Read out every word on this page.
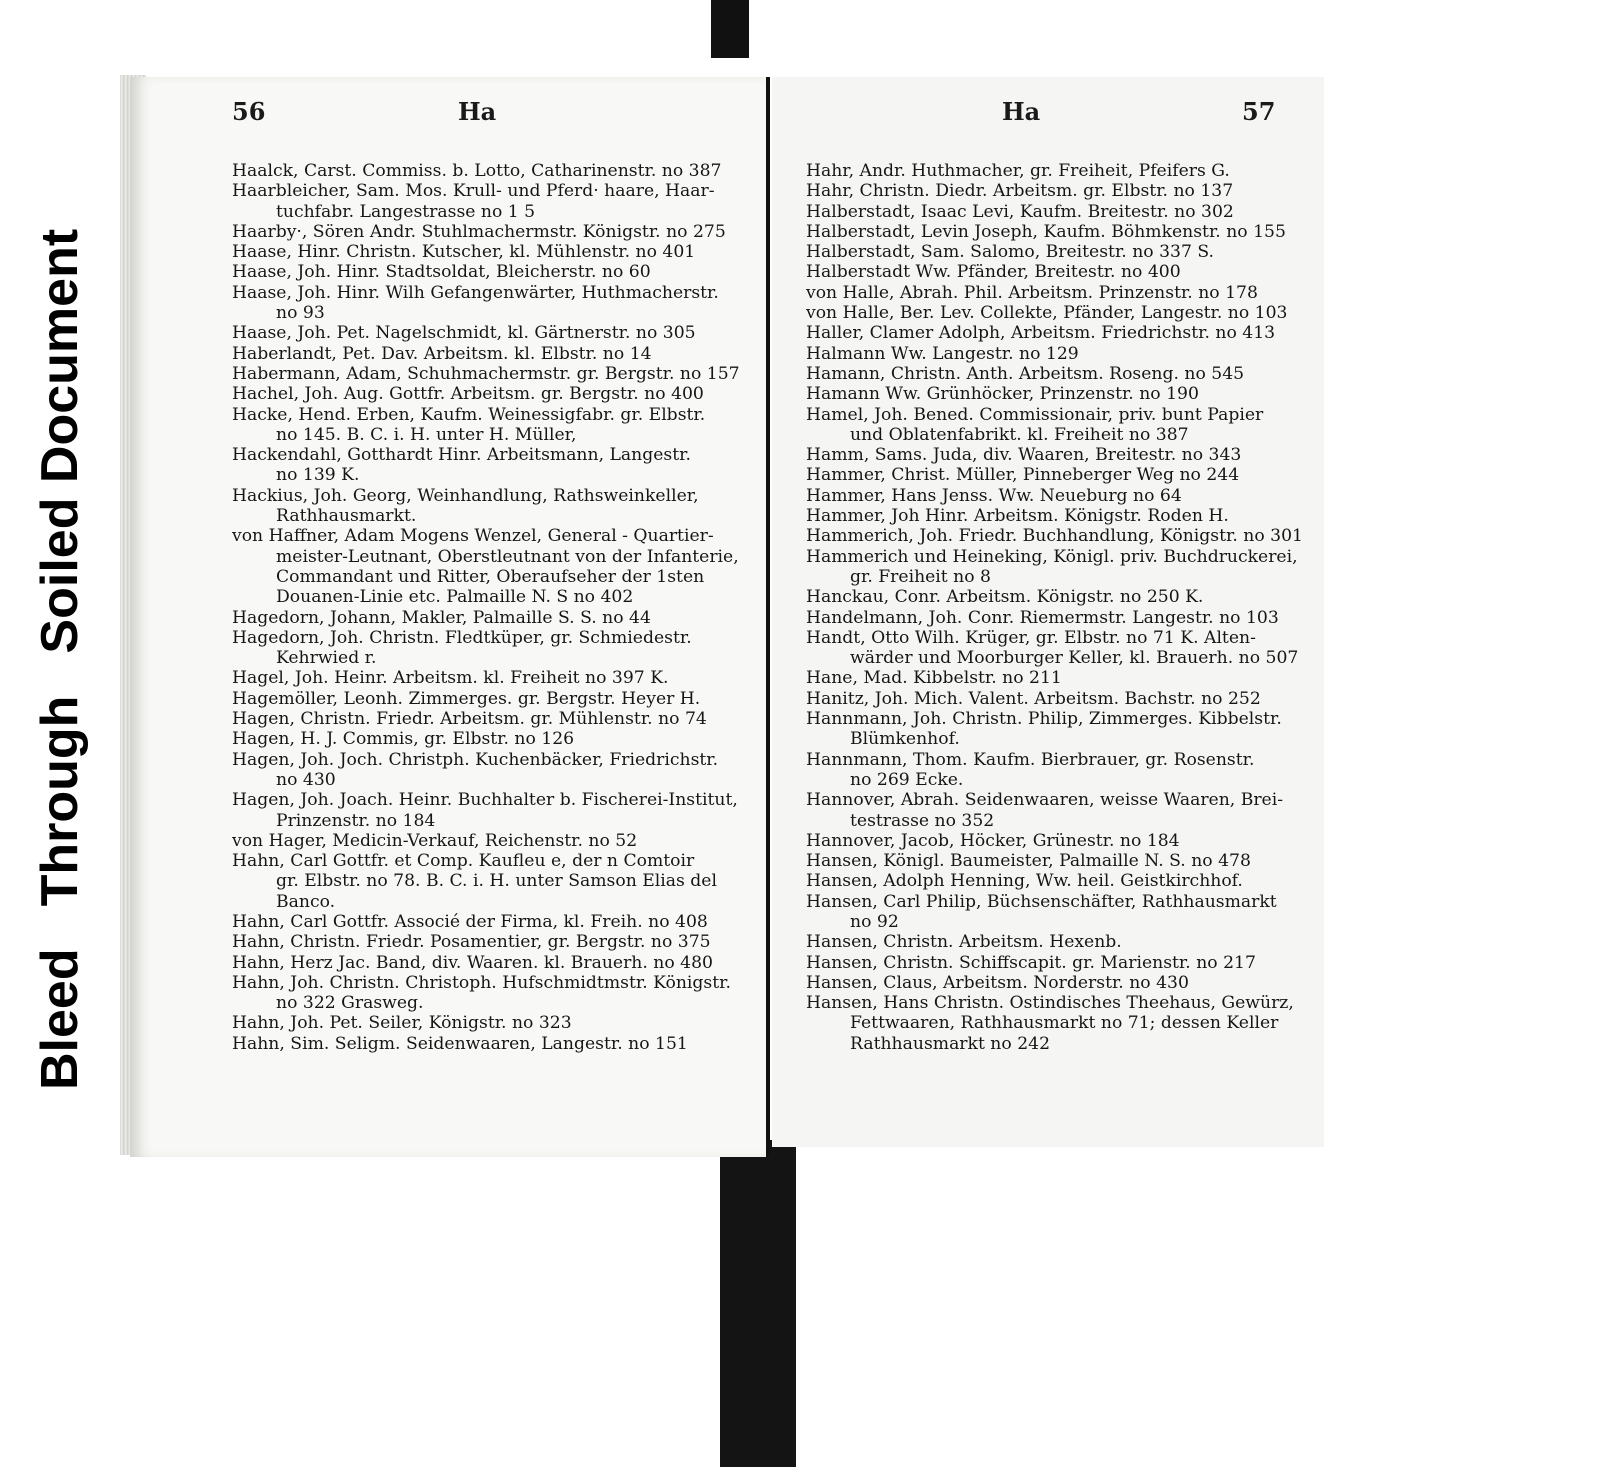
Bleed
Through
Soiled Document
56	Ha
Haalck, Carst. Commiss. b. Lotto, Catharinenstr. no 387
Haarbleicher, Sam. Mos. Krull- und Pferd· haare, Haar-
tuchfabr. Langestrasse no 1 5
Haarby·, Sören Andr. Stuhlmachermstr. Königstr. no 275
Haase, Hinr. Christn. Kutscher, kl. Mühlenstr. no 401
Haase, Joh. Hinr. Stadtsoldat, Bleicherstr. no 60
Haase, Joh. Hinr. Wilh Gefangenwärter, Huthmacherstr.
no 93
Haase, Joh. Pet. Nagelschmidt, kl. Gärtnerstr. no 305
Haberlandt, Pet. Dav. Arbeitsm. kl. Elbstr. no 14
Habermann, Adam, Schuhmachermstr. gr. Bergstr. no 157
Hachel, Joh. Aug. Gottfr. Arbeitsm. gr. Bergstr. no 400
Hacke, Hend. Erben, Kaufm. Weinessigfabr. gr. Elbstr.
no 145. B. C. i. H. unter H. Müller,
Hackendahl, Gotthardt Hinr. Arbeitsmann, Langestr.
no 139 K.
Hackius, Joh. Georg, Weinhandlung, Rathsweinkeller,
Rathhausmarkt.
von Haffner, Adam Mogens Wenzel, General - Quartier-
meister-Leutnant, Oberstleutnant von der Infanterie,
Commandant und Ritter, Oberaufseher der 1sten
Douanen-Linie etc. Palmaille N. S no 402
Hagedorn, Johann, Makler, Palmaille S. S. no 44
Hagedorn, Joh. Christn. Fledtküper, gr. Schmiedestr.
Kehrwied r.
Hagel, Joh. Heinr. Arbeitsm. kl. Freiheit no 397 K.
Hagemöller, Leonh. Zimmerges. gr. Bergstr. Heyer H.
Hagen, Christn. Friedr. Arbeitsm. gr. Mühlenstr. no 74
Hagen, H. J. Commis, gr. Elbstr. no 126
Hagen, Joh. Joch. Christph. Kuchenbäcker, Friedrichstr.
no 430
Hagen, Joh. Joach. Heinr. Buchhalter b. Fischerei-Institut,
Prinzenstr. no 184
von Hager, Medicin-Verkauf, Reichenstr. no 52
Hahn, Carl Gottfr. et Comp. Kaufleu e, der n Comtoir
gr. Elbstr. no 78. B. C. i. H. unter Samson Elias del
Banco.
Hahn, Carl Gottfr. Associé der Firma, kl. Freih. no 408
Hahn, Christn. Friedr. Posamentier, gr. Bergstr. no 375
Hahn, Herz Jac. Band, div. Waaren. kl. Brauerh. no 480
Hahn, Joh. Christn. Christoph. Hufschmidtmstr. Königstr.
no 322 Grasweg.
Hahn, Joh. Pet. Seiler, Königstr. no 323
Hahn, Sim. Seligm. Seidenwaaren, Langestr. no 151
Ha	57
Hahr, Andr. Huthmacher, gr. Freiheit, Pfeifers G.
Hahr, Christn. Diedr. Arbeitsm. gr. Elbstr. no 137
Halberstadt, Isaac Levi, Kaufm. Breitestr. no 302
Halberstadt, Levin Joseph, Kaufm. Böhmkenstr. no 155
Halberstadt, Sam. Salomo, Breitestr. no 337 S.
Halberstadt Ww. Pfänder, Breitestr. no 400
von Halle, Abrah. Phil. Arbeitsm. Prinzenstr. no 178
von Halle, Ber. Lev. Collekte, Pfänder, Langestr. no 103
Haller, Clamer Adolph, Arbeitsm. Friedrichstr. no 413
Halmann Ww. Langestr. no 129
Hamann, Christn. Anth. Arbeitsm. Roseng. no 545
Hamann Ww. Grünhöcker, Prinzenstr. no 190
Hamel, Joh. Bened. Commissionair, priv. bunt Papier
und Oblatenfabrikt. kl. Freiheit no 387
Hamm, Sams. Juda, div. Waaren, Breitestr. no 343
Hammer, Christ. Müller, Pinneberger Weg no 244
Hammer, Hans Jenss. Ww. Neueburg no 64
Hammer, Joh Hinr. Arbeitsm. Königstr. Roden H.
Hammerich, Joh. Friedr. Buchhandlung, Königstr. no 301
Hammerich und Heineking, Königl. priv. Buchdruckerei,
gr. Freiheit no 8
Hanckau, Conr. Arbeitsm. Königstr. no 250 K.
Handelmann, Joh. Conr. Riemermstr. Langestr. no 103
Handt, Otto Wilh. Krüger, gr. Elbstr. no 71 K. Alten-
wärder und Moorburger Keller, kl. Brauerh. no 507
Hane, Mad. Kibbelstr. no 211
Hanitz, Joh. Mich. Valent. Arbeitsm. Bachstr. no 252
Hannmann, Joh. Christn. Philip, Zimmerges. Kibbelstr.
Blümkenhof.
Hannmann, Thom. Kaufm. Bierbrauer, gr. Rosenstr.
no 269 Ecke.
Hannover, Abrah. Seidenwaaren, weisse Waaren, Brei-
testrasse no 352
Hannover, Jacob, Höcker, Grünestr. no 184
Hansen, Königl. Baumeister, Palmaille N. S. no 478
Hansen, Adolph Henning, Ww. heil. Geistkirchhof.
Hansen, Carl Philip, Büchsenschäfter, Rathhausmarkt
no 92
Hansen, Christn. Arbeitsm. Hexenb.
Hansen, Christn. Schiffscapit. gr. Marienstr. no 217
Hansen, Claus, Arbeitsm. Norderstr. no 430
Hansen, Hans Christn. Ostindisches Theehaus, Gewürz,
Fettwaaren, Rathhausmarkt no 71; dessen Keller
Rathhausmarkt no 242
